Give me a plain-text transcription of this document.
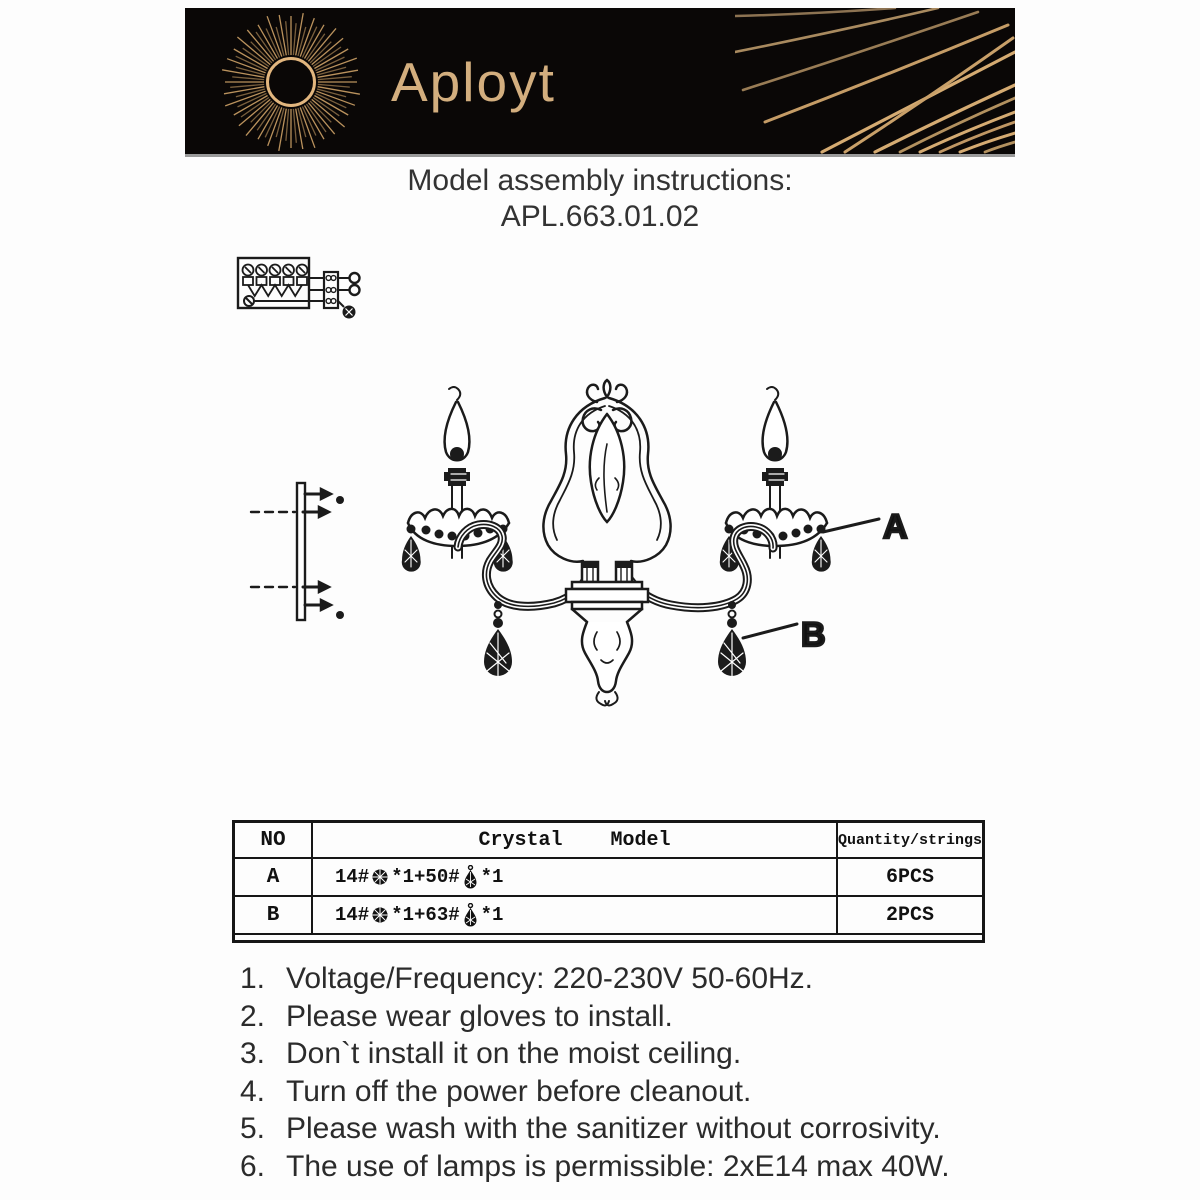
Aployt
Model assembly instructions:
APL.663.01.02
A
B
NO	Crystal    Model	Quantity/strings
A	14# *1+50# *1	6PCS
B	14# *1+63# *1	2PCS
1. Voltage/Frequency: 220-230V 50-60Hz.
2. Please wear gloves to install.
3. Don`t install it on the moist ceiling.
4. Turn off the power before cleanout.
5. Please wash with the sanitizer without corrosivity.
6. The use of lamps is permissible: 2xE14 max 40W.
